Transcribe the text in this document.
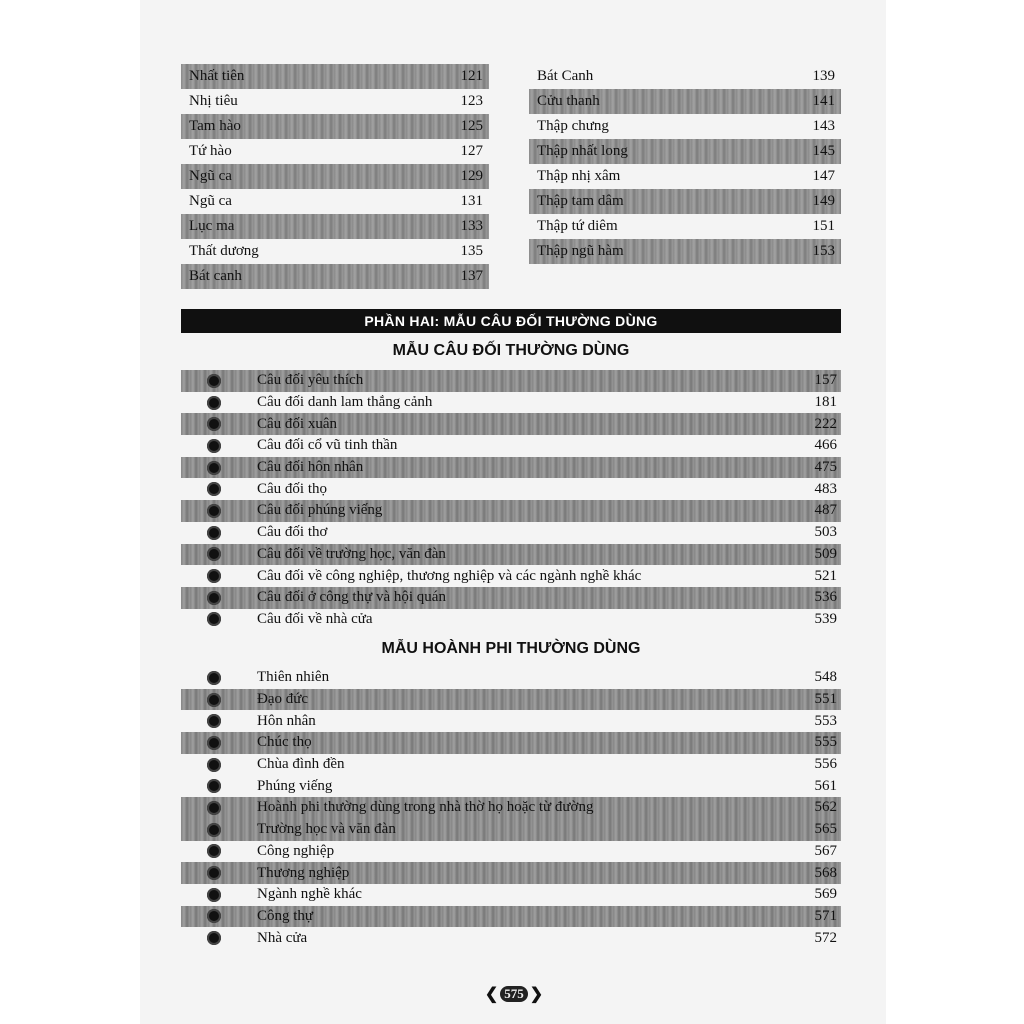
Nhất tiên	121
Nhị tiêu	123
Tam hào	125
Tứ hào	127
Ngũ ca	129
Ngũ ca	131
Lục ma	133
Thất dương	135
Bát canh	137
Bát Canh	139
Cửu thanh	141
Thập chưng	143
Thập nhất long	145
Thập nhị xâm	147
Thập tam dâm	149
Thập tứ diêm	151
Thập ngũ hàm	153
PHẦN HAI: MẪU CÂU ĐỐI THƯỜNG DÙNG
MẪU CÂU ĐỐI THƯỜNG DÙNG
Câu đối yêu thích	157
Câu đối danh lam thắng cảnh	181
Câu đối xuân	222
Câu đối cổ vũ tinh thần	466
Câu đối hôn nhân	475
Câu đối thọ	483
Câu đối phúng viếng	487
Câu đối thơ	503
Câu đối về trường học, văn đàn	509
Câu đối về công nghiệp, thương nghiệp và các ngành nghề khác	521
Câu đối ở công thự và hội quán	536
Câu đối về nhà cửa	539
MẪU HOÀNH PHI THƯỜNG DÙNG
Thiên nhiên	548
Đạo đức	551
Hôn nhân	553
Chúc thọ	555
Chùa đình đền	556
Phúng viếng	561
Hoành phi thường dùng trong nhà thờ họ hoặc từ đường	562
Trường học và văn đàn	565
Công nghiệp	567
Thương nghiệp	568
Ngành nghề khác	569
Công thự	571
Nhà cửa	572
❮ 575 ❯
